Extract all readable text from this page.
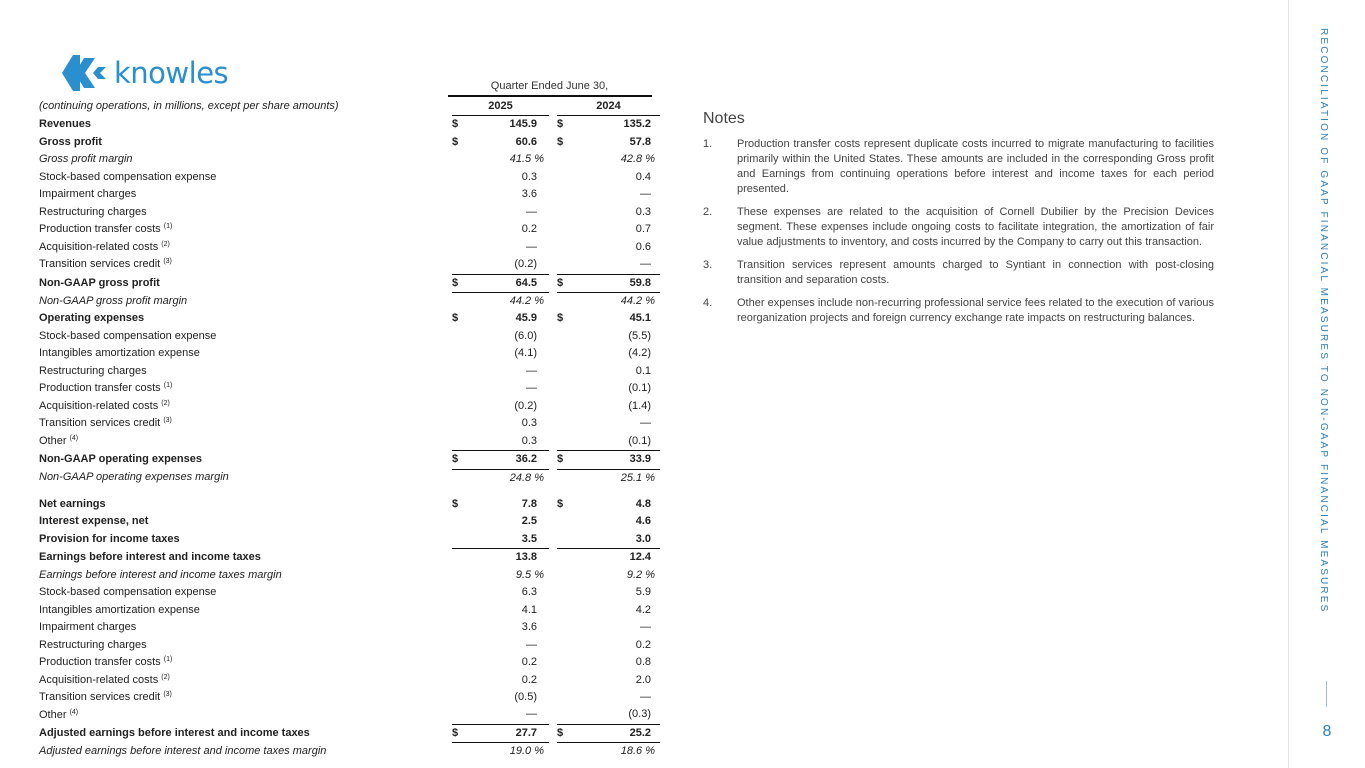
knowles	Quarter Ended June 30,
(continuing operations, in millions, except per share amounts)		2025		2024

Revenues		$ 145.9		$ 135.2

Gross profit		$ 60.6		$ 57.8

Gross profit margin		41.5 %		42.8 %

Stock-based compensation expense		0.3		0.4

Impairment charges		3.6		—

Restructuring charges		—		0.3

Production transfer costs $^{(1)}$		0.2		0.7

Acquisition-related costs $^{(2)}$		—		0.6

Transition services credit $^{(3)}$		(0.2)		—

Non-GAAP gross profit		$ 64.5		$ 59.8

Non-GAAP gross profit margin		44.2 %		44.2 %

Operating expenses		$ 45.9		$ 45.1

Stock-based compensation expense		(6.0)		(5.5)

Intangibles amortization expense		(4.1)		(4.2)

Restructuring charges		—		0.1

Production transfer costs $^{(1)}$		—		(0.1)

Acquisition-related costs $^{(2)}$		(0.2)		(1.4)

Transition services credit $^{(3)}$		0.3		—

Other $^{(4)}$		0.3		(0.1)

Non-GAAP operating expenses		$ 36.2		$ 33.9

Non-GAAP operating expenses margin		24.8 %		25.1 %

Net earnings		$ 7.8		$ 4.8

Interest expense, net		2.5		4.6

Provision for income taxes		3.5		3.0

Earnings before interest and income taxes		13.8		12.4

Earnings before interest and income taxes margin		9.5 %		9.2 %

Stock-based compensation expense		6.3		5.9

Intangibles amortization expense		4.1		4.2

Impairment charges		3.6		—

Restructuring charges		—		0.2

Production transfer costs $^{(1)}$		0.2		0.8

Acquisition-related costs $^{(2)}$		0.2		2.0

Transition services credit $^{(3)}$		(0.5)		—

Other $^{(4)}$		—		(0.3)

Adjusted earnings before interest and income taxes		$ 27.7		$ 25.2

Adjusted earnings before interest and income taxes margin		19.0 %		18.6 %
Notes
1.	Production transfer costs represent duplicate costs incurred to migrate manufacturing to facilities primarily within the United States. These amounts are included in the corresponding Gross profit and Earnings from continuing operations before interest and income taxes for each period presented.
2.	These expenses are related to the acquisition of Cornell Dubilier by the Precision Devices segment. These expenses include ongoing costs to facilitate integration, the amortization of fair value adjustments to inventory, and costs incurred by the Company to carry out this transaction.
3.	Transition services represent amounts charged to Syntiant in connection with post-closing transition and separation costs.
4.	Other expenses include non-recurring professional service fees related to the execution of various reorganization projects and foreign currency exchange rate impacts on restructuring balances.	RECONCILIATION OF GAAP FINANCIAL MEASURES TO NON-GAAP FINANCIAL MEASURES
8
